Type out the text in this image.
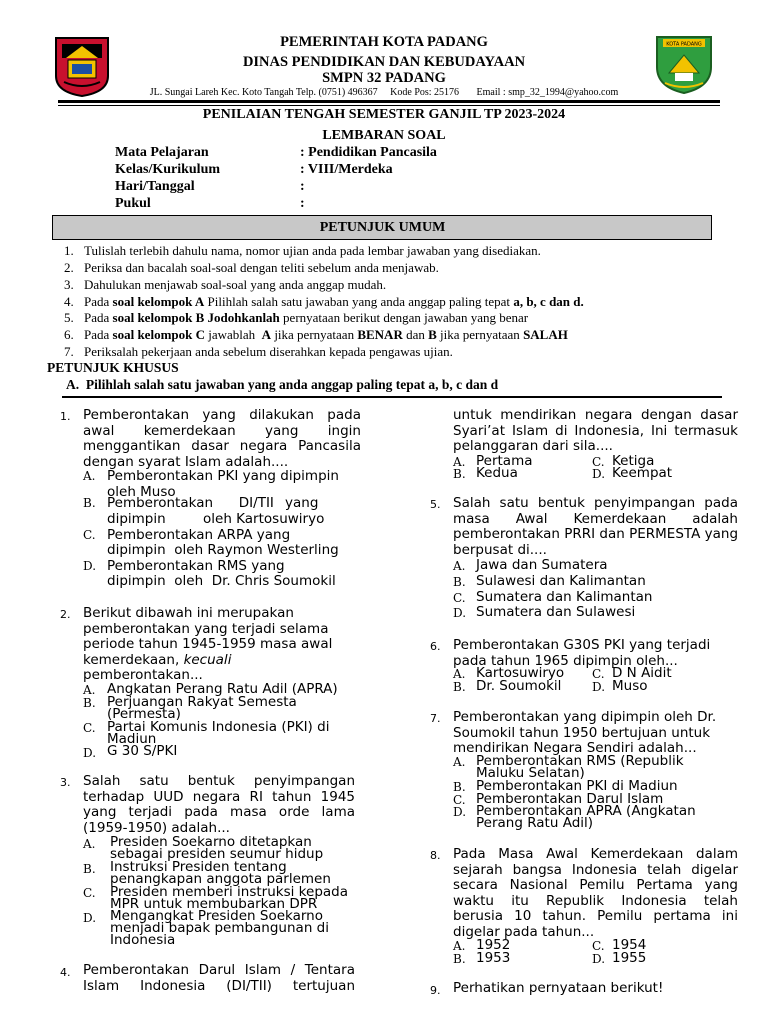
KOTA PADANG
PEMERINTAH KOTA PADANG
DINAS PENDIDIKAN DAN KEBUDAYAAN
SMPN 32 PADANG
JL. Sungai Lareh Kec. Koto Tangah Telp. (0751) 496367     Kode Pos: 25176       Email : smp_32_1994@yahoo.com
PENILAIAN TENGAH SEMESTER GANJIL TP 2023-2024
LEMBARAN SOAL
Mata Pelajaran	: Pendidikan Pancasila
Kelas/Kurikulum	: VIII/Merdeka
Hari/Tanggal	:
Pukul	:
PETUNJUK UMUM
1. Tulislah terlebih dahulu nama, nomor ujian anda pada lembar jawaban yang disediakan.
2. Periksa dan bacalah soal-soal dengan teliti sebelum anda menjawab.
3. Dahulukan menjawab soal-soal yang anda anggap mudah.
4. Pada soal kelompok A Pilihlah salah satu jawaban yang anda anggap paling tepat a, b, c dan d.
5. Pada soal kelompok B Jodohkanlah pernyataan berikut dengan jawaban yang benar
6. Pada soal kelompok C jawablah  A jika pernyataan BENAR dan B jika pernyataan SALAH
7. Periksalah pekerjaan anda sebelum diserahkan kepada pengawas ujian.
PETUNJUK KHUSUS
A.  Pilihlah salah satu jawaban yang anda anggap paling tepat a, b, c dan d
1. Pemberontakan yang dilakukan pada awal kemerdekaan yang ingin menggantikan dasar negara Pancasila dengan syarat Islam adalah....
A. Pemberontakan PKI yang dipimpin oleh Muso
B. Pemberontakan      DI/TII yang
dipimpin	oleh Kartosuwiryo
C. Pemberontakan ARPA yang
dipimpin  oleh Raymon Westerling
D. Pemberontakan RMS yang
dipimpin  oleh  Dr. Chris Soumokil
2. Berikut dibawah ini merupakan pemberontakan yang terjadi selama periode tahun 1945-1959 masa awal kemerdekaan, kecuali pemberontakan...
A. Angkatan Perang Ratu Adil (APRA)
B. Perjuangan Rakyat Semesta (Permesta)
C. Partai Komunis Indonesia (PKI) di Madiun
D. G 30 S/PKI
3. Salah satu bentuk penyimpangan terhadap UUD negara RI tahun 1945 yang terjadi pada masa orde lama (1959-1950) adalah...
A. Presiden Soekarno ditetapkan sebagai presiden seumur hidup
B. Instruksi Presiden tentang penangkapan anggota parlemen
C. Presiden memberi instruksi kepada MPR untuk membubarkan DPR
D. Mengangkat Presiden Soekarno menjadi bapak pembangunan di Indonesia
4. Pemberontakan Darul Islam / Tentara Islam Indonesia (DI/TII) tertujuan
untuk mendirikan negara dengan dasar Syari’at Islam di Indonesia, Ini termasuk pelanggaran dari sila....
A. Pertama	C. Ketiga
B. Kedua	D. Keempat
5. Salah satu bentuk penyimpangan pada masa Awal Kemerdekaan adalah pemberontakan PRRI dan PERMESTA yang berpusat di....
A. Jawa dan Sumatera
B. Sulawesi dan Kalimantan
C. Sumatera dan Kalimantan
D. Sumatera dan Sulawesi
6. Pemberontakan G30S PKI yang terjadi pada tahun 1965 dipimpin oleh...
A. Kartosuwiryo C. D N Aidit
B. Dr. Soumokil	D. Muso
7. Pemberontakan yang dipimpin oleh Dr. Soumokil tahun 1950 bertujuan untuk mendirikan Negara Sendiri adalah...
A. Pemberontakan RMS (Republik Maluku Selatan)
B. Pemberontakan PKI di Madiun
C. Pemberontakan Darul Islam
D. Pemberontakan APRA (Angkatan Perang Ratu Adil)
8. Pada Masa Awal Kemerdekaan dalam sejarah bangsa Indonesia telah digelar secara Nasional Pemilu Pertama yang waktu itu Republik Indonesia telah berusia 10 tahun. Pemilu pertama ini digelar pada tahun...
A. 1952	C. 1954
B. 1953	D. 1955
9. Perhatikan pernyataan berikut!
